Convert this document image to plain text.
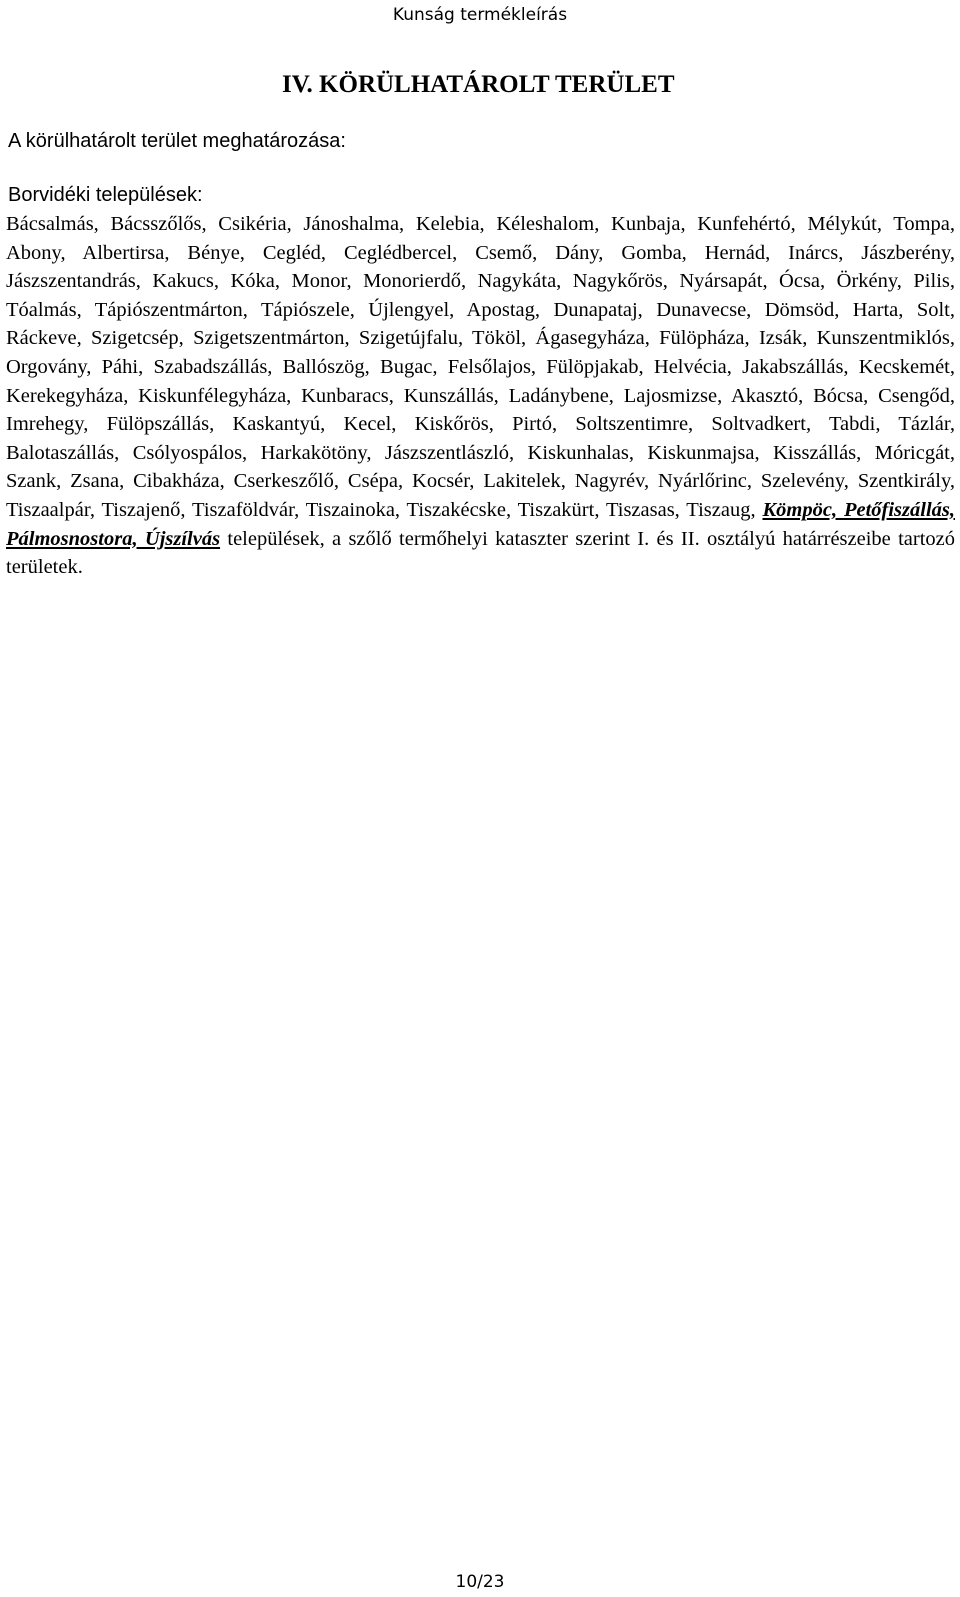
Kunság termékleírás
IV. KÖRÜLHATÁROLT TERÜLET
A körülhatárolt terület meghatározása:
Borvidéki települések:

Bácsalmás, Bácsszőlős, Csikéria, Jánoshalma, Kelebia, Kéleshalom, Kunbaja, Kunfehértó, Mélykút, Tompa, Abony, Albertirsa, Bénye, Cegléd, Ceglédbercel, Csemő, Dány, Gomba, Hernád, Inárcs, Jászberény, Jászszentandrás, Kakucs, Kóka, Monor, Monorierdő, Nagykáta, Nagykőrös, Nyársapát, Ócsa, Örkény, Pilis, Tóalmás, Tápiószentmárton, Tápiószele, Újlengyel, Apostag, Dunapataj, Dunavecse, Dömsöd, Harta, Solt, Ráckeve, Szigetcsép, Szigetszentmárton, Szigetújfalu, Tököl, Ágasegyháza, Fülöpháza, Izsák, Kunszentmiklós, Orgovány, Páhi, Szabadszállás, Ballószög, Bugac, Felsőlajos, Fülöpjakab, Helvécia, Jakabszállás, Kecskemét, Kerekegyháza, Kiskunfélegyháza, Kunbaracs, Kunszállás, Ladánybene, Lajosmizse, Akasztó, Bócsa, Csengőd, Imrehegy, Fülöpszállás, Kaskantyú, Kecel, Kiskőrös, Pirtó, Soltszentimre, Soltvadkert, Tabdi, Tázlár, Balotaszállás, Csólyospálos, Harkakötöny, Jászszentlászló, Kiskunhalas, Kiskunmajsa, Kisszállás, Móricgát, Szank, Zsana, Cibakháza, Cserkeszőlő, Csépa, Kocsér, Lakitelek, Nagyrév, Nyárlőrinc, Szelevény, Szentkirály, Tiszaalpár, Tiszajenő, Tiszaföldvár, Tiszainoka, Tiszakécske, Tiszakürt, Tiszasas, Tiszaug, Kömpöc, Petőfiszállás, Pálmosnostora, Újszílvás települések, a szőlő termőhelyi kataszter szerint I. és II. osztályú határrészeibe tartozó területek.

10/23
